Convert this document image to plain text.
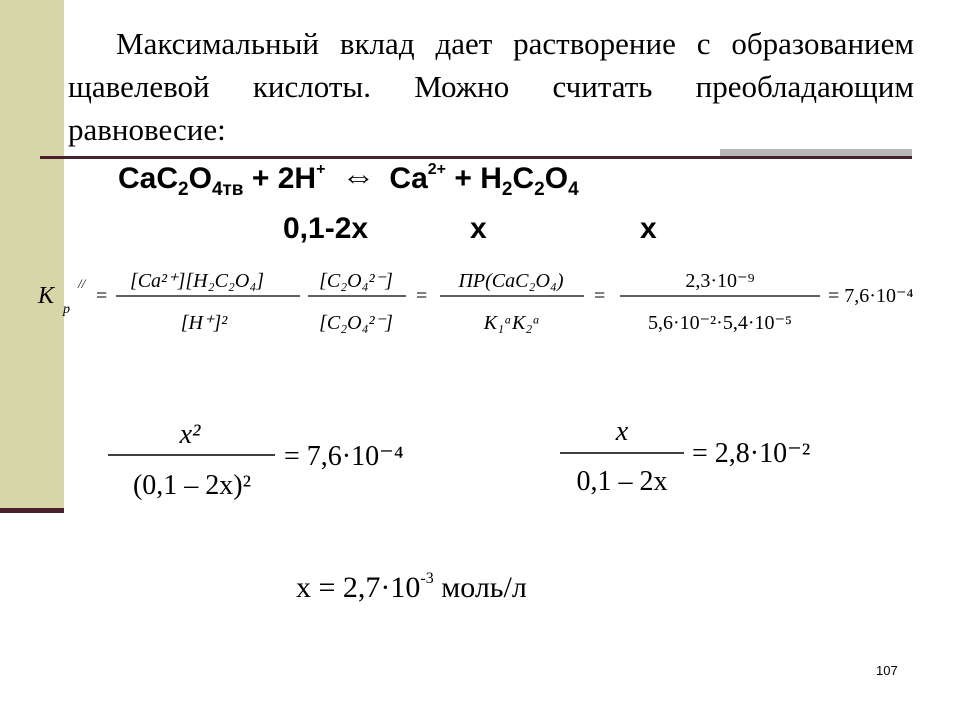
Максимальный вклад дает растворение с образованием щавелевой кислоты. Можно считать преобладающим равновесие:
$CaC_2O_{4тв} + 2H^+$ ⇔ $Ca^{2+} + H_2C_2O_4$
0,1-2x	x	x
K
p
//
=
[Ca²⁺][H₂C₂O₄]
[H⁺]²
[C₂O₄²⁻]
[C₂O₄²⁻]
=
ПР(CaC₂O₄)
K₁ᵃK₂ᵃ
=
2,3·10⁻⁹
5,6·10⁻²·5,4·10⁻⁵
= 7,6·10⁻⁴
x²
(0,1 – 2x)²
= 7,6·10⁻⁴
x
0,1 – 2x
= 2,8·10⁻²
$x = 2,7\cdot 10^{-3}$ моль/л
107
